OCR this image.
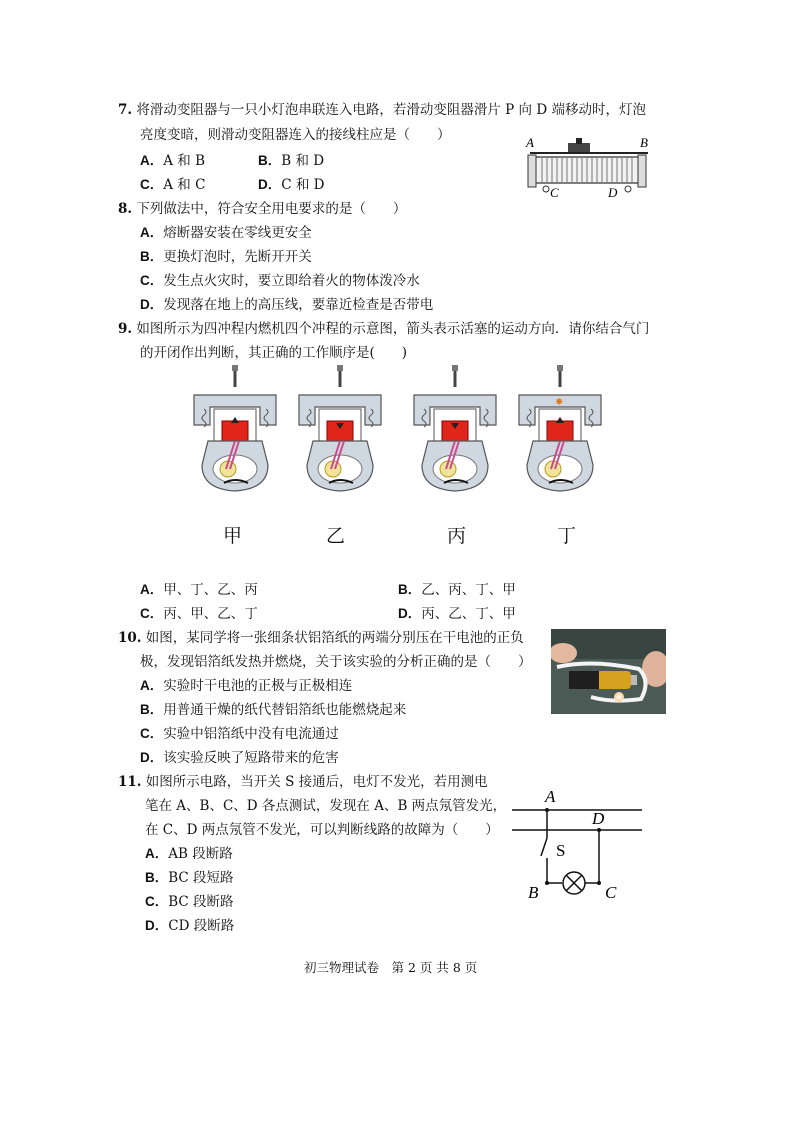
7. 将滑动变阻器与一只小灯泡串联连入电路，若滑动变阻器滑片 P 向 D 端移动时，灯泡
亮度变暗，则滑动变阻器连入的接线柱应是（　　）
A．A 和 B	B．B 和 D
C．A 和 C	D．C 和 D
A	B
C	D
8. 下列做法中，符合安全用电要求的是（　　）
A．熔断器安装在零线更安全
B．更换灯泡时，先断开开关
C．发生点火灾时，要立即给着火的物体泼冷水
D．发现落在地上的高压线，要靠近检查是否带电
9. 如图所示为四冲程内燃机四个冲程的示意图，箭头表示活塞的运动方向．请你结合气门
的开闭作出判断，其正确的工作顺序是(　　)
✸
甲	乙	丙	丁
A．甲、丁、乙、丙	B．乙、丙、丁、甲
C．丙、甲、乙、丁	D．丙、乙、丁、甲
10. 如图，某同学将一张细条状铝箔纸的两端分别压在干电池的正负
极，发现铝箔纸发热并燃烧，关于该实验的分析正确的是（　　）
A．实验时干电池的正极与正极相连
B．用普通干燥的纸代替铝箔纸也能燃烧起来
C．实验中铝箔纸中没有电流通过
D．该实验反映了短路带来的危害
11. 如图所示电路，当开关 S 接通后，电灯不发光，若用测电
笔在 A、B、C、D 各点测试，发现在 A、B 两点氖管发光，
在 C、D 两点氖管不发光，可以判断线路的故障为（　　）
A．AB 段断路
B．BC 段短路
C．BC 段断路
D．CD 段断路
A
D
S
B	C
初三物理试卷　第 2 页 共 8 页
